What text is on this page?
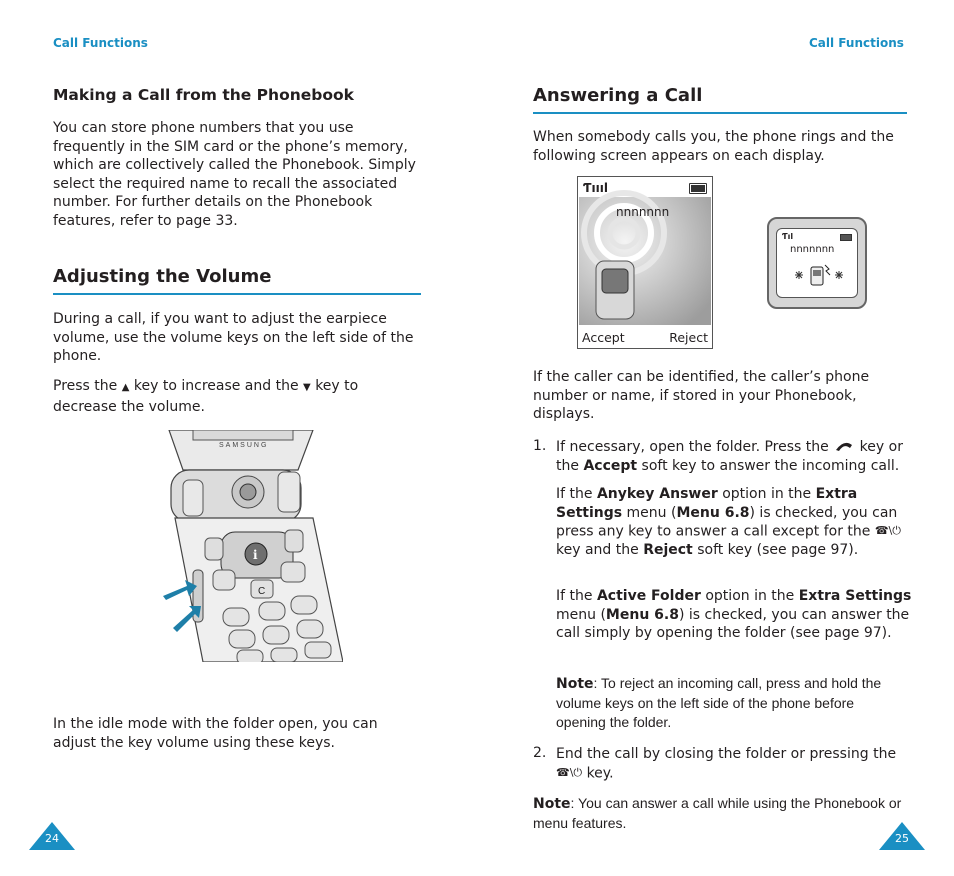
Call Functions
Making a Call from the Phonebook

You can store phone numbers that you use frequently in the SIM card or the phone’s memory, which are collectively called the Phonebook. Simply select the required name to recall the associated number. For further details on the Phonebook features, refer to page 33.

Adjusting the Volume

During a call, if you want to adjust the earpiece volume, use the volume keys on the left side of the phone.

Press the ▲ key to increase and the ▼ key to decrease the volume.

SAMSUNG
i
C

In the idle mode with the folder open, you can adjust the key volume using these keys.

24
Call Functions
Answering a Call

When somebody calls you, the phone rings and the following screen appears on each display.

Ƭıııl
nnnnnnn
Accept	Reject
Ƭıl
nnnnnnn

If the caller can be identified, the caller’s phone number or name, if stored in your Phonebook, displays.

1. If necessary, open the folder. Press the key or the Accept soft key to answer the incoming call.

If the Anykey Answer option in the Extra Settings menu (Menu 6.8) is checked, you can press any key to answer a call except for the ☎\⏻ key and the Reject soft key (see page 97).

If the Active Folder option in the Extra Settings menu (Menu 6.8) is checked, you can answer the call simply by opening the folder (see page 97).

Note: To reject an incoming call, press and hold the volume keys on the left side of the phone before opening the folder.
2. End the call by closing the folder or pressing the ☎\⏻ key.

Note: You can answer a call while using the Phonebook or menu features.
25
